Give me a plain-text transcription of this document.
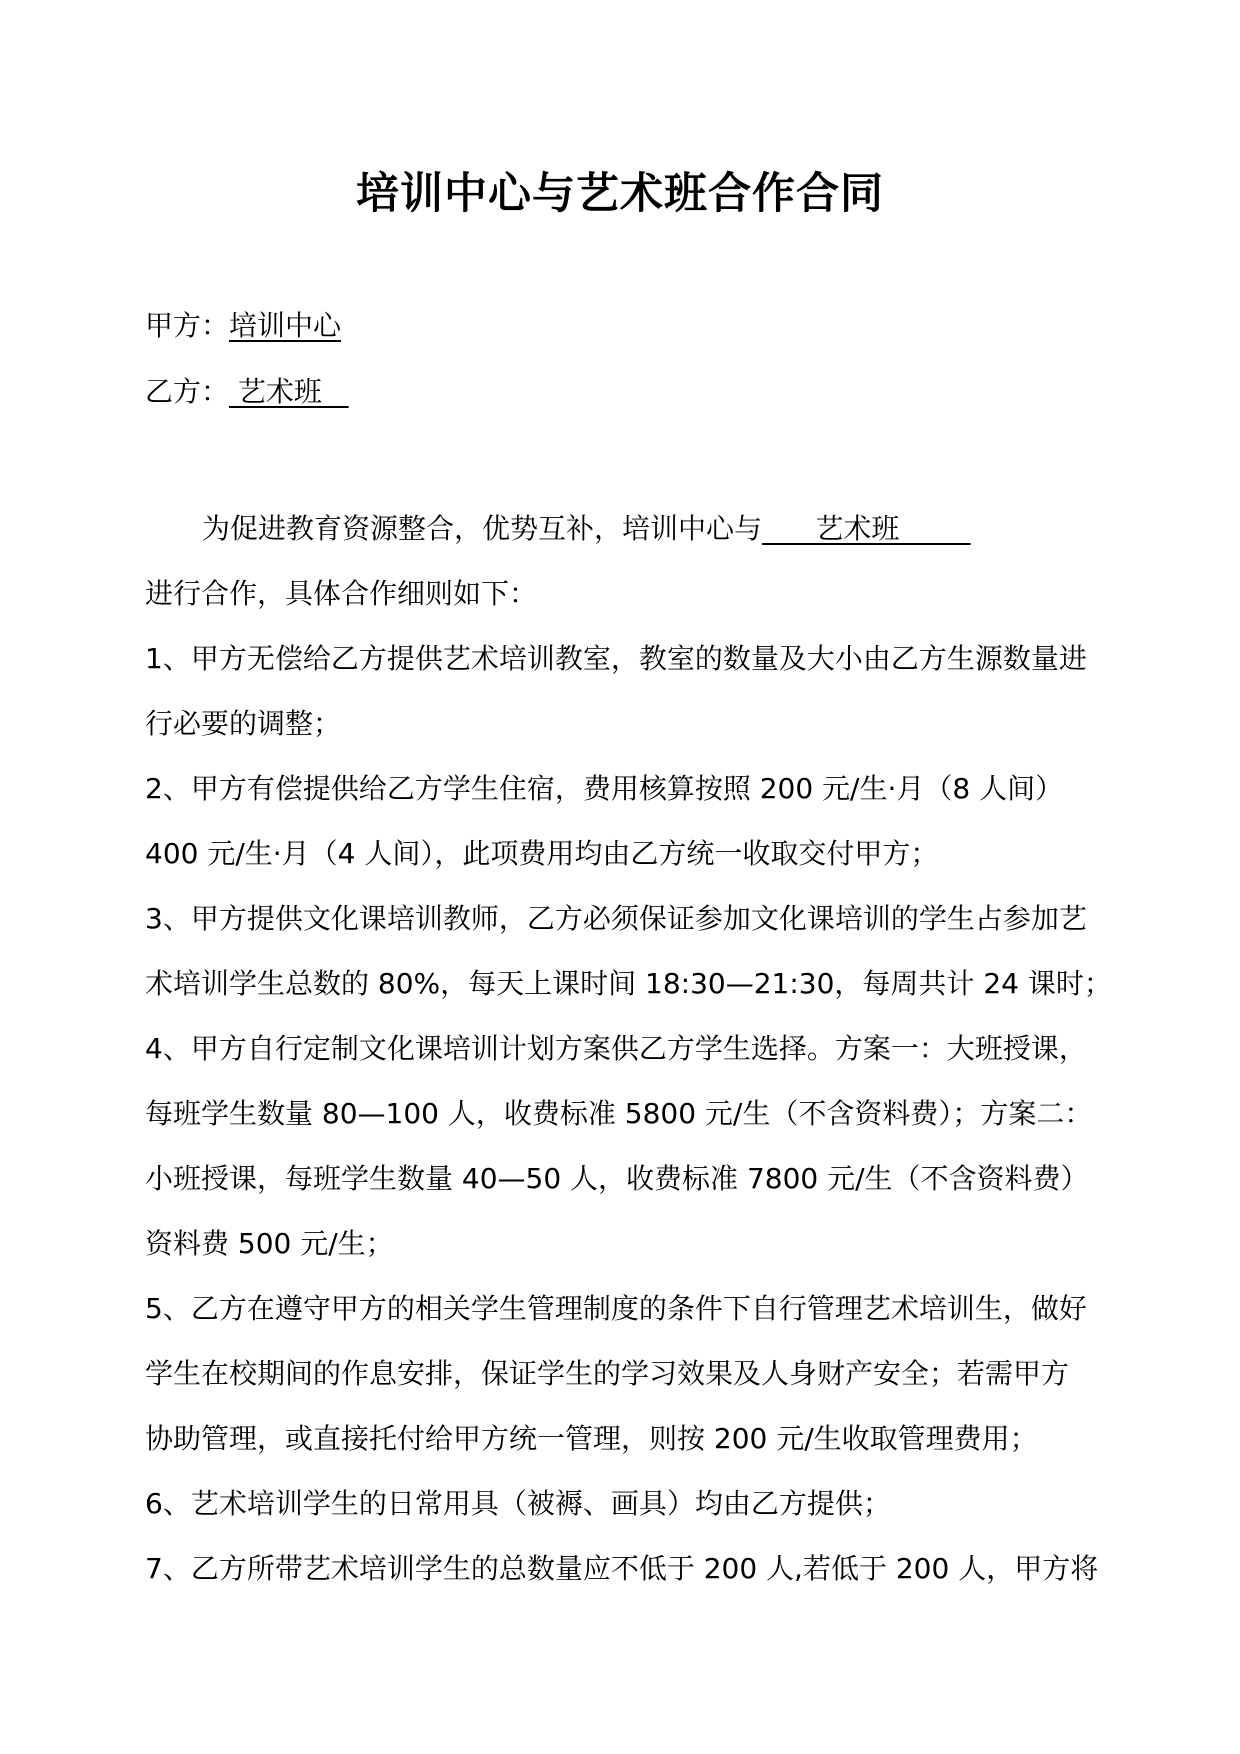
培训中心与艺术班合作合同
甲方：培训中心
乙方： 艺术班

为促进教育资源整合，优势互补，培训中心与      艺术班

进行合作，具体合作细则如下：

1、甲方无偿给乙方提供艺术培训教室，教室的数量及大小由乙方生源数量进

行必要的调整；

2、甲方有偿提供给乙方学生住宿，费用核算按照 200 元/生·月（8 人间）

400 元/生·月（4 人间），此项费用均由乙方统一收取交付甲方；

3、甲方提供文化课培训教师，乙方必须保证参加文化课培训的学生占参加艺

术培训学生总数的 80%，每天上课时间 18:30—21:30，每周共计 24 课时；

4、甲方自行定制文化课培训计划方案供乙方学生选择。方案一：大班授课，

每班学生数量 80—100 人，收费标准 5800 元/生（不含资料费）；方案二：

小班授课，每班学生数量 40—50 人，收费标准 7800 元/生（不含资料费）

资料费 500 元/生；

5、乙方在遵守甲方的相关学生管理制度的条件下自行管理艺术培训生，做好

学生在校期间的作息安排，保证学生的学习效果及人身财产安全；若需甲方

协助管理，或直接托付给甲方统一管理，则按 200 元/生收取管理费用；

6、艺术培训学生的日常用具（被褥、画具）均由乙方提供；

7、乙方所带艺术培训学生的总数量应不低于 200 人,若低于 200 人，甲方将
